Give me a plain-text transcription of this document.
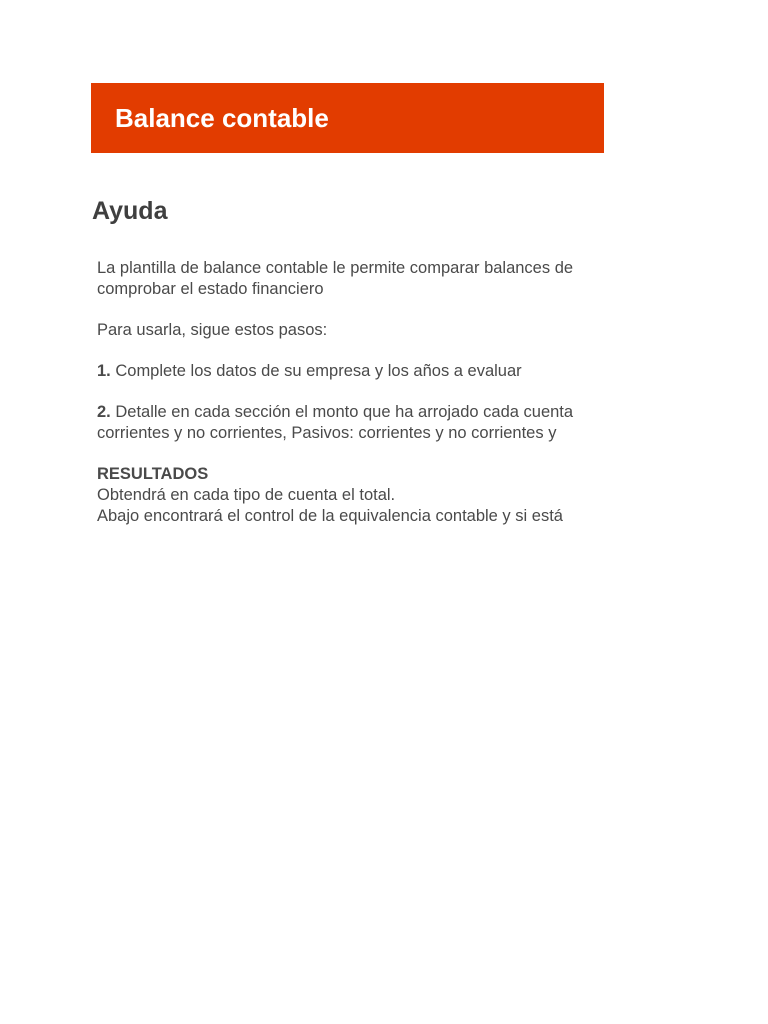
Balance contable
Ayuda
La plantilla de balance contable le permite comparar balances de
comprobar el estado financiero
Para usarla, sigue estos pasos:
1. Complete los datos de su empresa y los años a evaluar
2. Detalle en cada sección el monto que ha arrojado cada cuenta
corrientes y no corrientes, Pasivos: corrientes y no corrientes y
RESULTADOS
Obtendrá en cada tipo de cuenta el total.
Abajo encontrará el control de la equivalencia contable y si está
